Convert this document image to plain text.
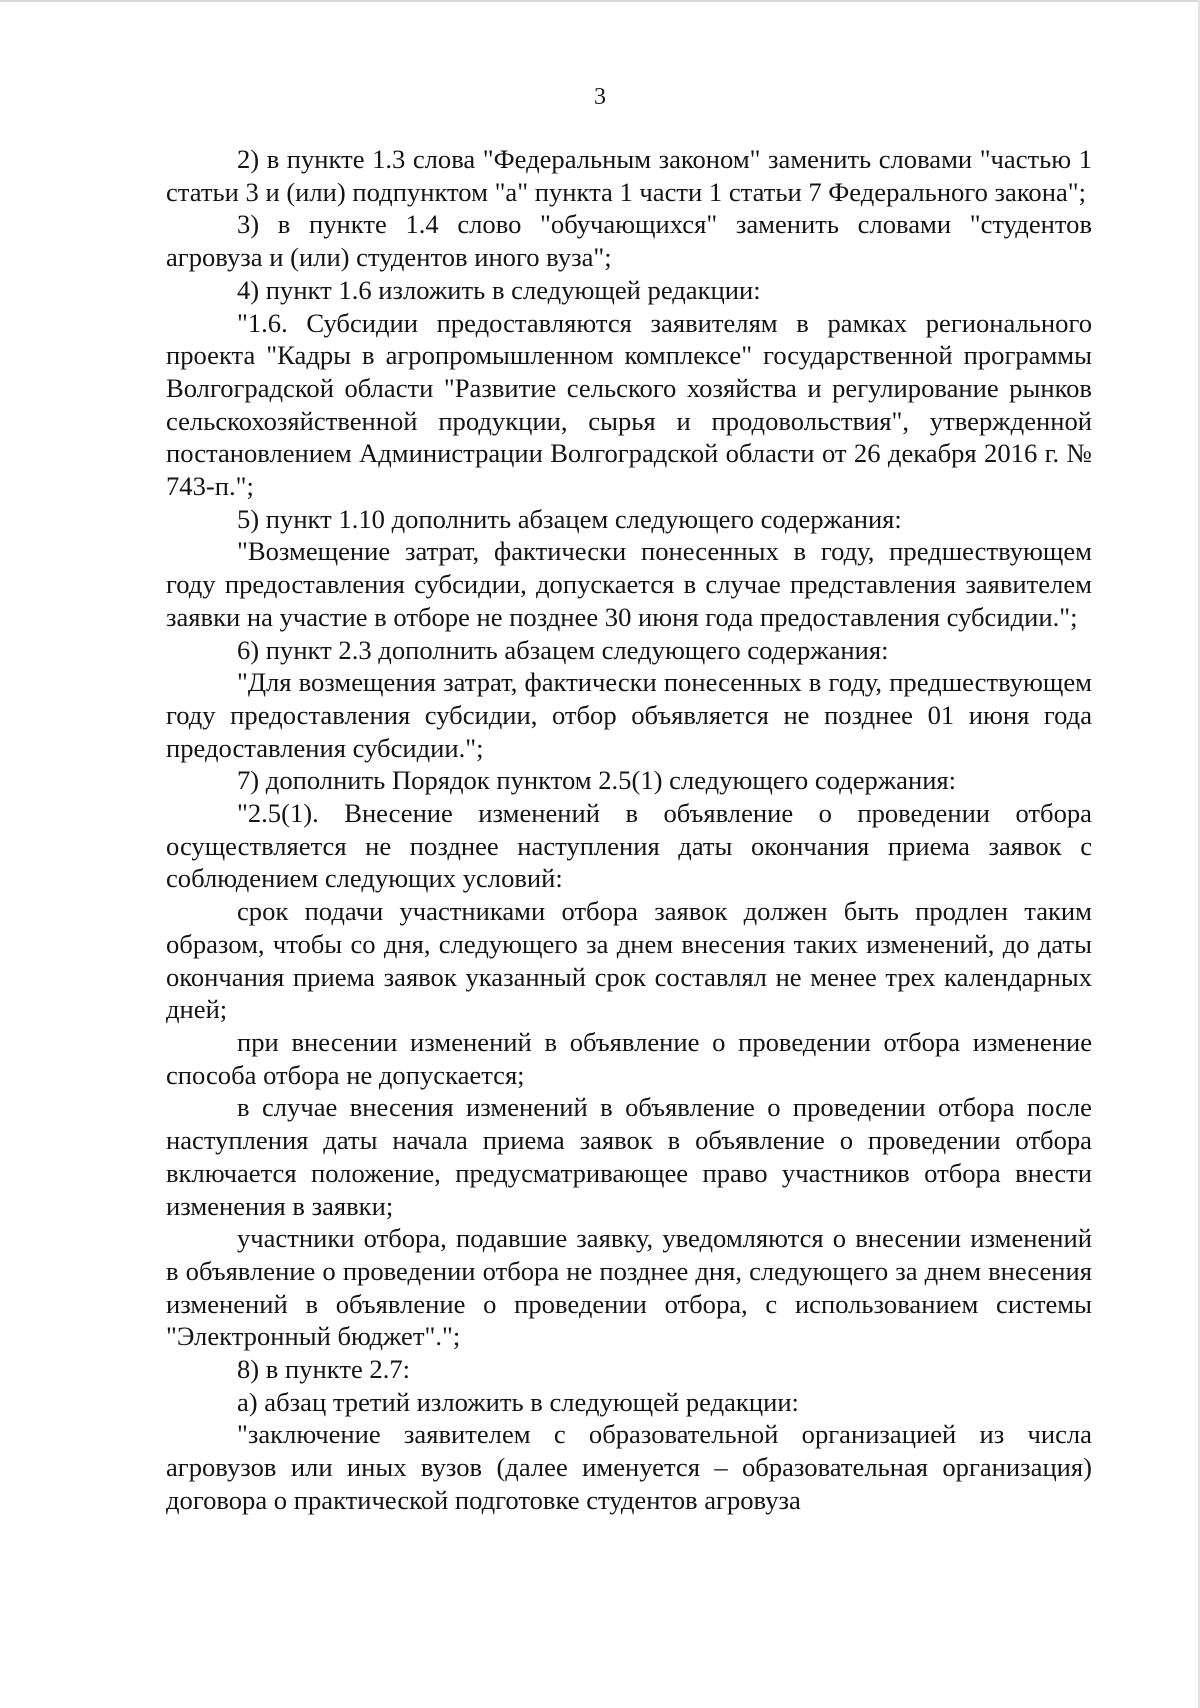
3

2) в пункте 1.3 слова "Федеральным законом" заменить словами "частью 1 статьи 3 и (или) подпунктом "а" пункта 1 части 1 статьи 7 Федерального закона";

3) в пункте 1.4 слово "обучающихся" заменить словами "студентов агровуза и (или) студентов иного вуза";

4) пункт 1.6 изложить в следующей редакции:

"1.6. Субсидии предоставляются заявителям в рамках регионального проекта "Кадры в агропромышленном комплексе" государственной программы Волгоградской области "Развитие сельского хозяйства и регулирование рынков сельскохозяйственной продукции, сырья и продовольствия", утвержденной постановлением Администрации Волгоградской области от 26 декабря 2016 г. № 743-п.";

5) пункт 1.10 дополнить абзацем следующего содержания:

"Возмещение затрат, фактически понесенных в году, предшествующем году предоставления субсидии, допускается в случае представления заявителем заявки на участие в отборе не позднее 30 июня года предоставления субсидии.";

6) пункт 2.3 дополнить абзацем следующего содержания:

"Для возмещения затрат, фактически понесенных в году, предшествующем году предоставления субсидии, отбор объявляется не позднее 01 июня года предоставления субсидии.";

7) дополнить Порядок пунктом 2.5(1) следующего содержания:

"2.5(1). Внесение изменений в объявление о проведении отбора осуществляется не позднее наступления даты окончания приема заявок с соблюдением следующих условий:

срок подачи участниками отбора заявок должен быть продлен таким образом, чтобы со дня, следующего за днем внесения таких изменений, до даты окончания приема заявок указанный срок составлял не менее трех календарных дней;

при внесении изменений в объявление о проведении отбора изменение способа отбора не допускается;

в случае внесения изменений в объявление о проведении отбора после наступления даты начала приема заявок в объявление о проведении отбора включается положение, предусматривающее право участников отбора внести изменения в заявки;

участники отбора, подавшие заявку, уведомляются о внесении изменений в объявление о проведении отбора не позднее дня, следующего за днем внесения изменений в объявление о проведении отбора, с использованием системы "Электронный бюджет".";

8) в пункте 2.7:

а) абзац третий изложить в следующей редакции:

"заключение заявителем с образовательной организацией из числа агровузов или иных вузов (далее именуется – образовательная организация) договора о практической подготовке студентов агровуза
